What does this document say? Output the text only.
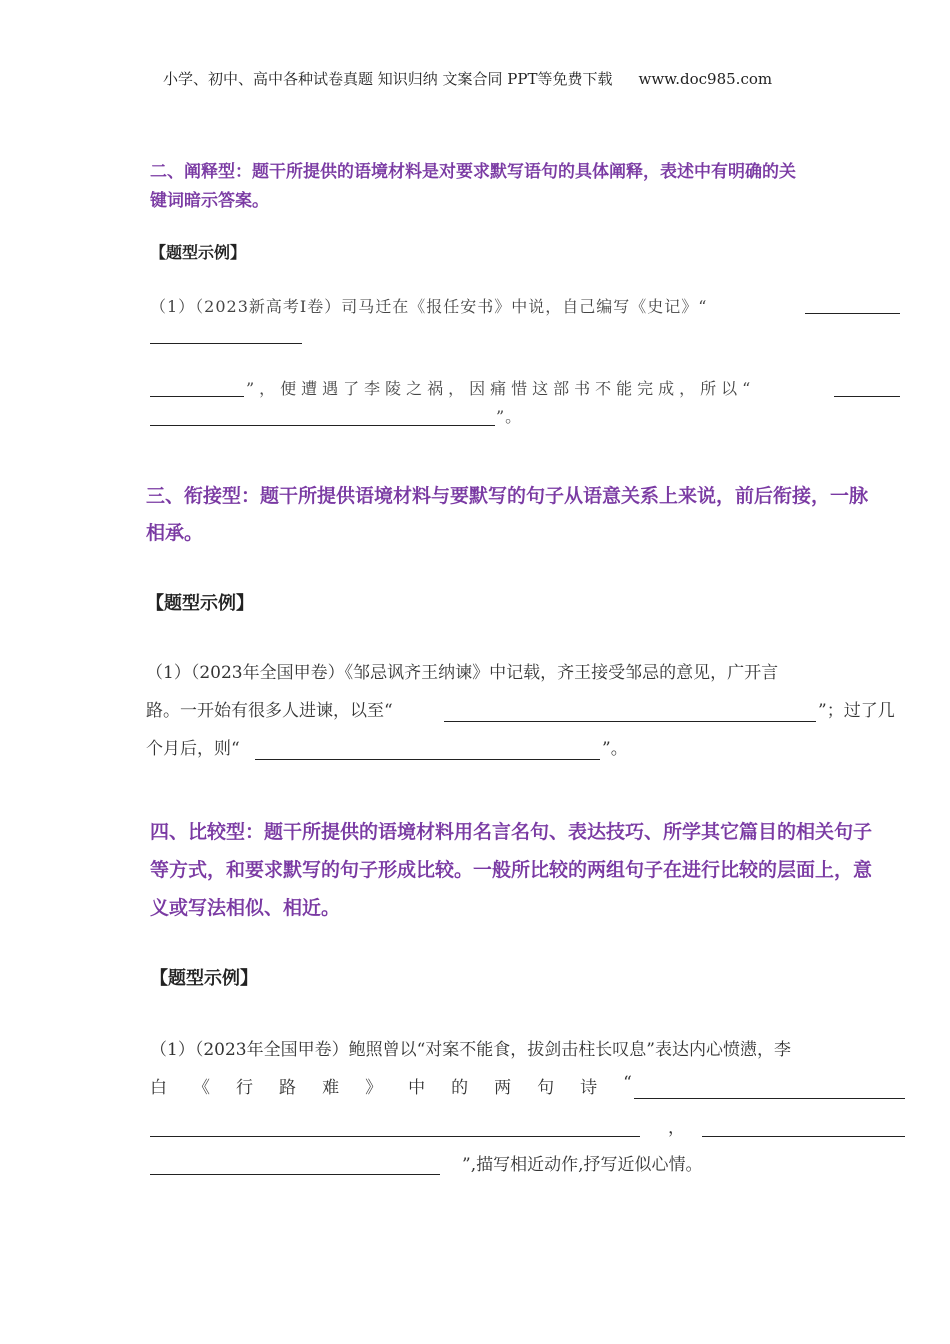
小学、初中、高中各种试卷真题 知识归纳 文案合同 PPT等免费下载 www.doc985.com
二、阐释型：题干所提供的语境材料是对要求默写语句的具体阐释，表述中有明确的关
键词暗示答案。
【题型示例】
（1）（2023新高考Ⅰ卷）司马迁在《报任安书》中说，自己编写《史记》“
”，便遭遇了李陵之祸，因痛惜这部书不能完成，所以“
”。
三、衔接型：题干所提供语境材料与要默写的句子从语意关系上来说，前后衔接，一脉
相承。
【题型示例】
（1）（2023年全国甲卷）《邹忌讽齐王纳谏》中记载，齐王接受邹忌的意见，广开言
路。一开始有很多人进谏，以至“	”；过了几
个月后，则“	”。
四、比较型：题干所提供的语境材料用名言名句、表达技巧、所学其它篇目的相关句子
等方式，和要求默写的句子形成比较。一般所比较的两组句子在进行比较的层面上，意
义或写法相似、相近。
【题型示例】
（1）（2023年全国甲卷）鲍照曾以“对案不能食，拔剑击柱长叹息”表达内心愤懑，李
白 《 行 路 难 》 中 的 两 句 诗 “
，
”,描写相近动作,抒写近似心情。
